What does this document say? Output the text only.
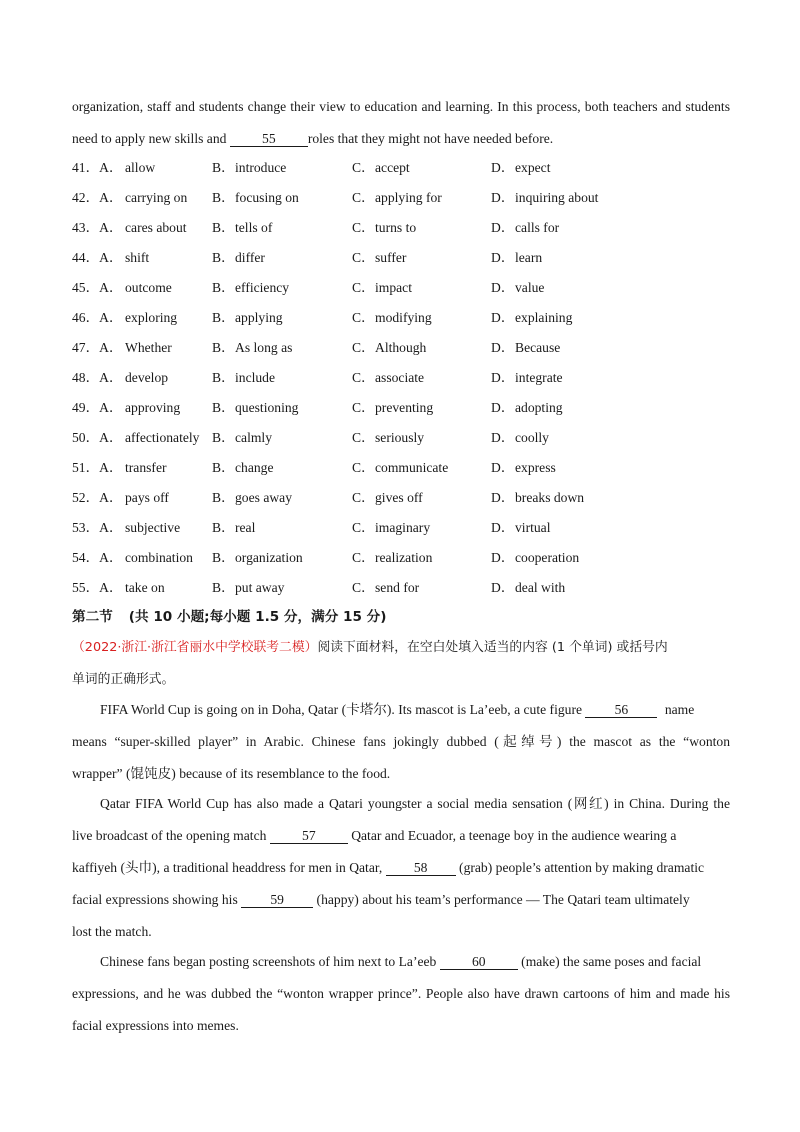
organization, staff and students change their view to education and learning. In this process, both teachers and students
need to apply new skills and 55 roles that they might not have needed before.
41．A． allow	B． introduce	C． accept	D． expect
42．A． carrying on B． focusing on	C． applying for	D． inquiring about
43．A． cares about B． tells of	C． turns to	D． calls for
44．A． shift	B． differ	C． suffer	D． learn
45．A． outcome	B． efficiency	C． impact	D． value
46．A． exploring	B． applying	C． modifying	D． explaining
47．A． Whether	B． As long as	C． Although	D． Because
48．A． develop	B． include	C． associate	D． integrate
49．A． approving B． questioning	C． preventing	D． adopting
50．A． affectionately B． calmly	C． seriously	D． coolly
51．A． transfer	B． change	C． communicate	D． express
52．A． pays off	B． goes away	C． gives off	D． breaks down
53．A． subjective B． real	C． imaginary	D． virtual
54．A． combination B． organization	C． realization	D． cooperation
55．A． take on	B． put away	C． send for	D． deal with
第二节 (共 10 小题;每小题 1.5 分，满分 15 分)
（2022·浙江·浙江省丽水中学校联考二模）阅读下面材料，在空白处填入适当的内容 (1 个单词) 或括号内
单词的正确形式。
FIFA World Cup is going on in Doha, Qatar (卡塔尔). Its mascot is La’eeb, a cute figure 56 name
means “super-skilled player” in Arabic. Chinese fans jokingly dubbed (起绰号) the mascot as the “wonton
wrapper” (馄饨皮) because of its resemblance to the food.
Qatar FIFA World Cup has also made a Qatari youngster a social media sensation (网红) in China. During the
live broadcast of the opening match 57 Qatar and Ecuador, a teenage boy in the audience wearing a
kaffiyeh (头巾), a traditional headdress for men in Qatar, 58 (grab) people’s attention by making dramatic
facial expressions showing his 59 (happy) about his team’s performance — The Qatari team ultimately
lost the match.
Chinese fans began posting screenshots of him next to La’eeb 60 (make) the same poses and facial
expressions, and he was dubbed the “wonton wrapper prince”. People also have drawn cartoons of him and made his
facial expressions into memes.
